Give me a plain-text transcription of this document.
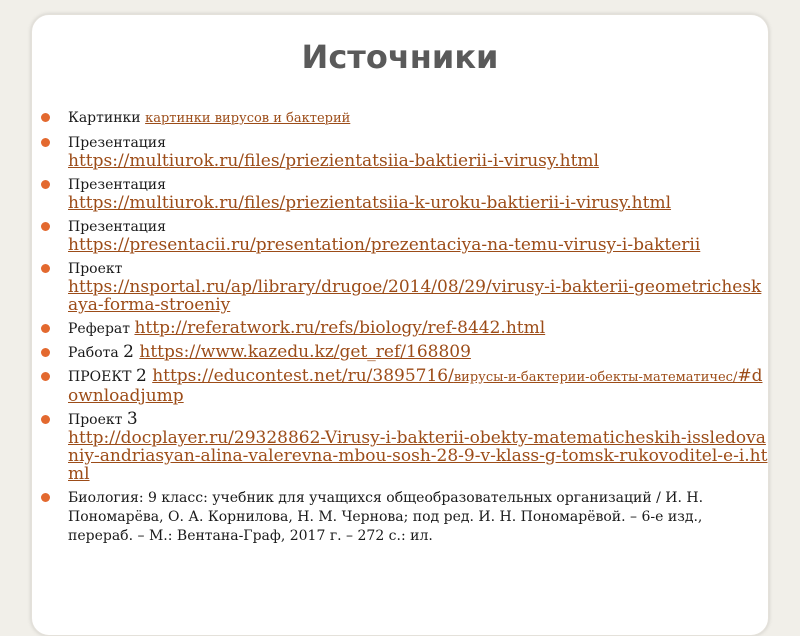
Источники
Картинки картинки вирусов и бактерий
Презентация
https://multiurok.ru/files/priezientatsiia-baktierii-i-virusy.html
Презентация
https://multiurok.ru/files/priezientatsiia-k-uroku-baktierii-i-virusy.html
Презентация
https://presentacii.ru/presentation/prezentaciya-na-temu-virusy-i-bakterii
Проект
https://nsportal.ru/ap/library/drugoe/2014/08/29/virusy-i-bakterii-geometricheskaya-forma-stroeniy
Реферат http://referatwork.ru/refs/biology/ref-8442.html
Работа 2 https://www.kazedu.kz/get_ref/168809
ПРОЕКТ 2 https://educontest.net/ru/3895716/вирусы-и-бактерии-обекты-математичес/#downloadjump
Проект 3
http://docplayer.ru/29328862-Virusy-i-bakterii-obekty-matematicheskih-issledovaniy-andriasyan-alina-valerevna-mbou-sosh-28-9-v-klass-g-tomsk-rukovoditel-e-i.html
Биология: 9 класс: учебник для учащихся общеобразовательных организаций / И. Н. Пономарёва, О. А. Корнилова, Н. М. Чернова; под ред. И. Н. Пономарёвой. – 6-е изд., перераб. – М.: Вентана-Граф, 2017 г. – 272 с.: ил.
